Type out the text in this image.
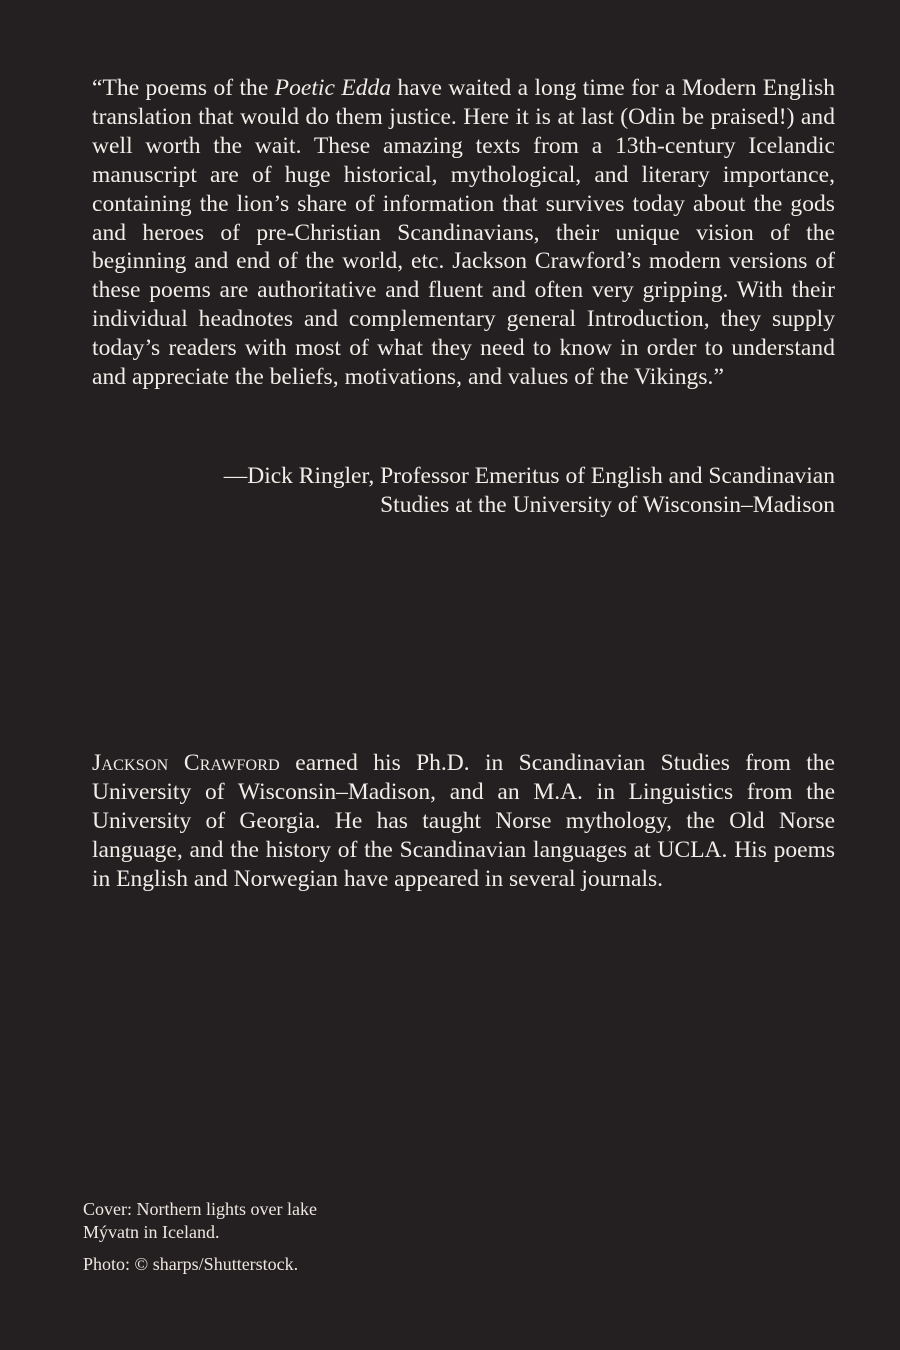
“The poems of the Poetic Edda have waited a long time for a Modern English translation that would do them justice. Here it is at last (Odin be praised!) and well worth the wait. These amazing texts from a 13th-century Icelandic manuscript are of huge historical, mythological, and literary importance, containing the lion’s share of information that survives today about the gods and heroes of pre-Christian Scandinavians, their unique vision of the beginning and end of the world, etc. Jackson Crawford’s modern versions of these poems are authoritative and fluent and often very gripping. With their individual headnotes and complementary general Introduction, they supply today’s readers with most of what they need to know in order to understand and appreciate the beliefs, motivations, and values of the Vikings.”

—Dick Ringler, Professor Emeritus of English and Scandinavian
Studies at the University of Wisconsin–Madison

Jackson Crawford earned his Ph.D. in Scandinavian Studies from the University of Wisconsin–Madison, and an M.A. in Linguistics from the University of Georgia. He has taught Norse mythology, the Old Norse language, and the history of the Scandinavian languages at UCLA. His poems in English and Norwegian have appeared in several journals.

Cover: Northern lights over lake
Mývatn in Iceland.
Photo: © sharps/Shutterstock.
